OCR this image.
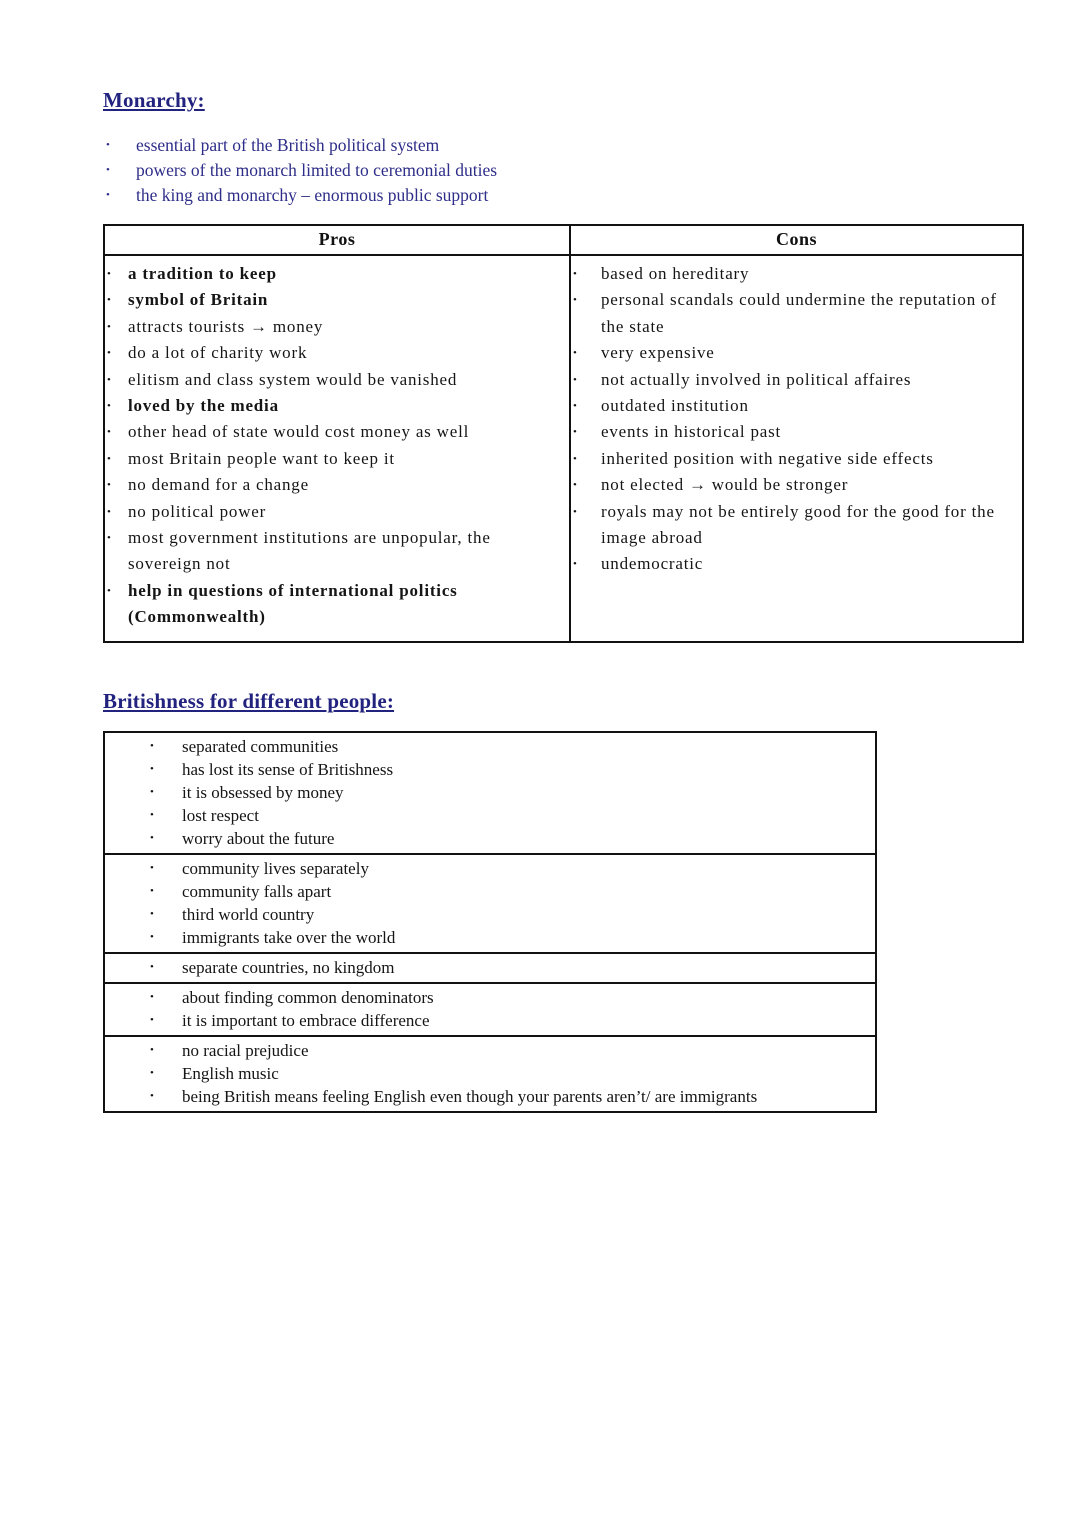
Monarchy:
•	essential part of the British political system
•	powers of the monarch limited to ceremonial duties
•	the king and monarchy – enormous public support
Pros	Cons

• a tradition to keep
• symbol of Britain
• attracts tourists → money
• do a lot of charity work
• elitism and class system would be vanished
• loved by the media
• other head of state would cost money as well
• most Britain people want to keep it
• no demand for a change
• no political power
• most government institutions are unpopular, the sovereign not
• help in questions of international politics (Commonwealth)

•	based on hereditary
•	personal scandals could undermine the reputation of the state
•	very expensive
•	not actually involved in political affaires
•	outdated institution
•	events in historical past
•	inherited position with negative side effects
•	not elected → would be stronger
•	royals may not be entirely good for the good for the image abroad
•	undemocratic
Britishness for different people:
•	separated communities
•	has lost its sense of Britishness
•	it is obsessed by money
•	lost respect
•	worry about the future
•	community lives separately
•	community falls apart
•	third world country
•	immigrants take over the world
•	separate countries, no kingdom
•	about finding common denominators
•	it is important to embrace difference
•	no racial prejudice
•	English music
•	being British means feeling English even though your parents aren’t/ are immigrants
